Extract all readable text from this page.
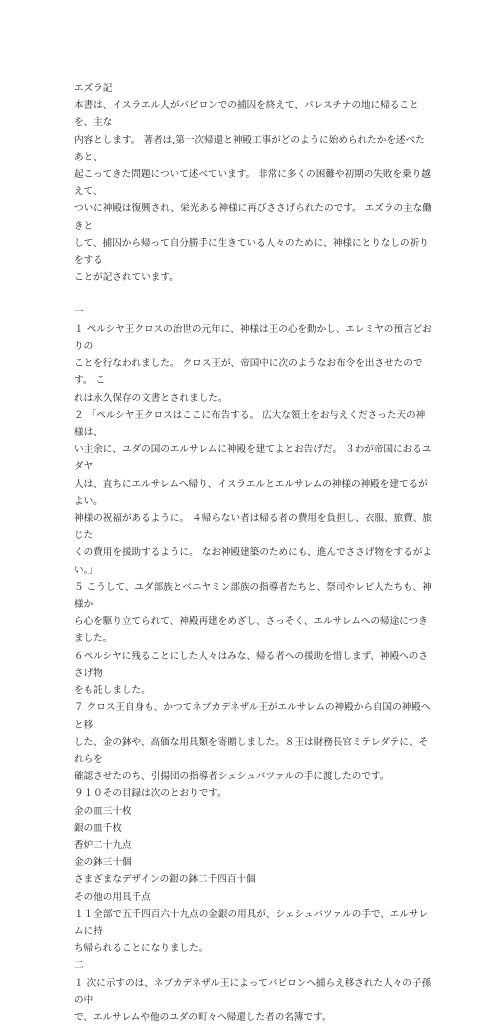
エズラ記

本書は、イスラエル人がバビロンでの捕囚を終えて、パレスチナの地に帰ることを、主な
内容とします。 著者は,第一次帰還と神殿工事がどのように始められたかを述べたあと、
起こってきた問題について述べています。 非常に多くの困難や初期の失敗を乗り越えて、
ついに神殿は復興され、栄光ある神様に再びささげられたのです。 エズラの主な働きと
して、捕囚から帰って自分勝手に生きている人々のために、神様にとりなしの祈りをする
ことが記されています。

一

１ ペルシヤ王クロスの治世の元年に、神様は王の心を動かし、エレミヤの預言どおりの
ことを行なわれました。 クロス王が、帝国中に次のようなお布令を出させたのです。 こ
れは永久保存の文書とされました。
２ 「ペルシヤ王クロスはここに布告する。 広大な領土をお与えくださった天の神様は、
い主余に、ユダの国のエルサレムに神殿を建てよとお告げだ。 ３わが帝国におるユダヤ
人は、直ちにエルサレムへ帰り、イスラエルとエルサレムの神様の神殿を建てるがよい。
神様の祝福があるように。 ４帰らない者は帰る者の費用を負担し、衣服、旅費、旅じた
くの費用を援助するように。 なお神殿建築のためにも、進んでささげ物をするがよい。」
５ こうして、ユダ部族とベニヤミン部族の指導者たちと、祭司やレビ人たちも、神様か
ら心を駆り立てられて、神殿再建をめざし、さっそく、エルサレムへの帰途につきました。
６ペルシヤに残ることにした人々はみな、帰る者への援助を惜しまず、神殿へのささげ物
をも託しました。
７ クロス王自身も、かつてネブカデネザル王がエルサレムの神殿から自国の神殿へと移
した、金の鉢や、高価な用具類を寄贈しました。８王は財務長官ミテレダテに、それらを
確認させたのち、引揚団の指導者シェシュバツァルの手に渡したのです。
９１０その目録は次のとおりです。
金の皿三十枚
銀の皿千枚
香炉二十九点
金の鉢三十個
さまざまなデザインの銀の鉢二千四百十個
その他の用具千点
１１全部で五千四百六十九点の金銀の用具が、シェシュバツァルの手で、エルサレムに持
ち帰られることになりました。

二

１ 次に示すのは、ネブカデネザル王によってバビロンへ捕らえ移された人々の子孫の中
で、エルサレムや他のユダの町々へ帰還した者の名簿です。
